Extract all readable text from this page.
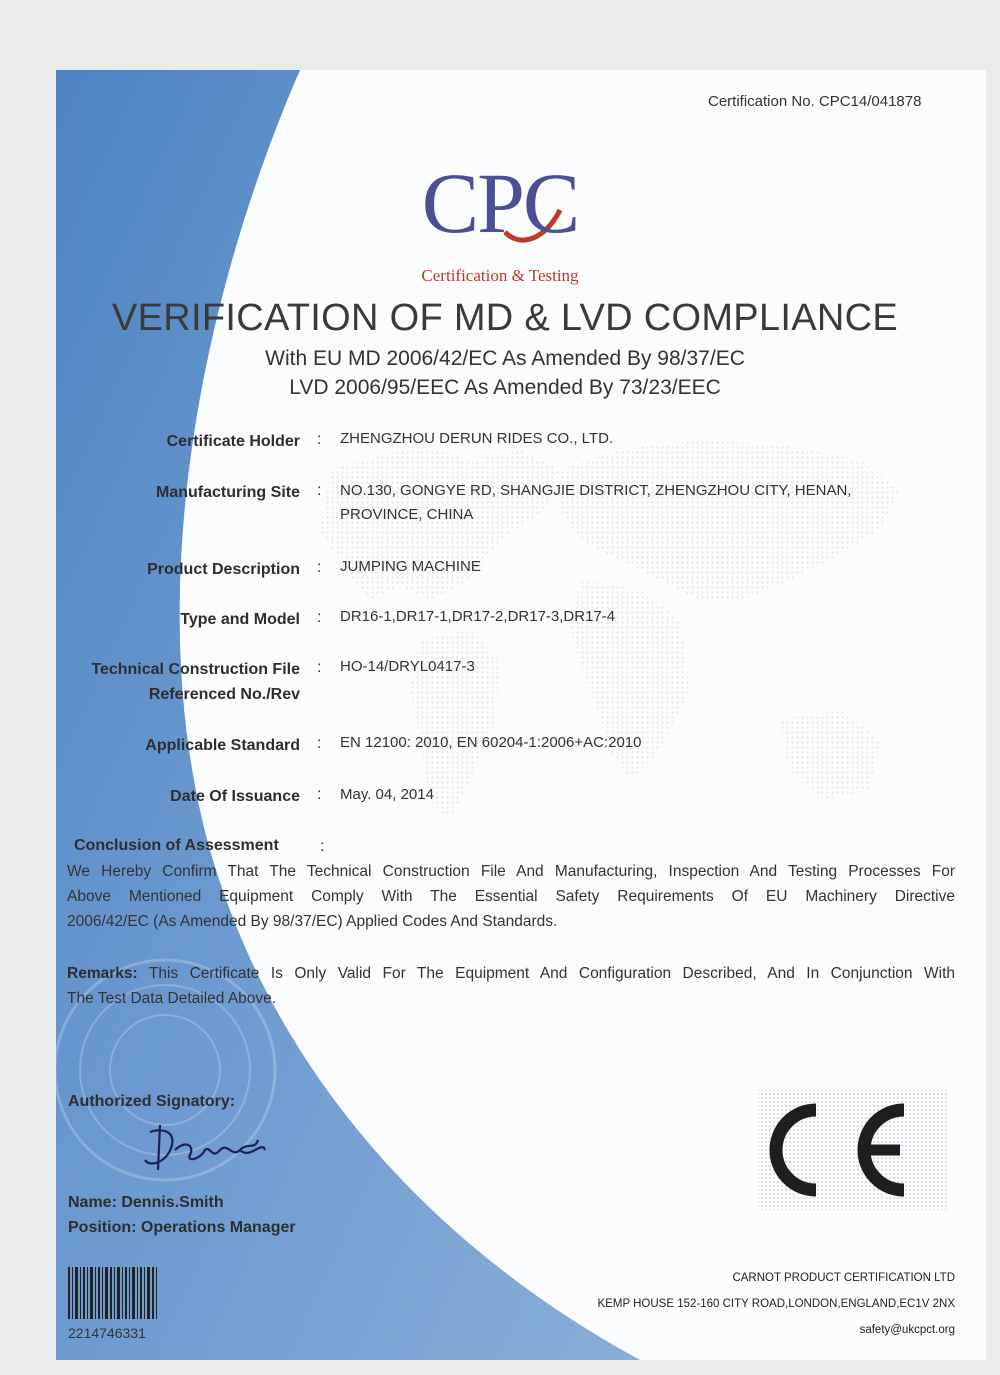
Certification No. CPC14/041878
CPC
Certification & Testing
VERIFICATION OF MD & LVD COMPLIANCE
With EU MD 2006/42/EC As Amended By 98/37/EC
LVD 2006/95/EEC As Amended By 73/23/EEC
Certificate Holder : ZHENGZHOU DERUN RIDES CO., LTD.
Manufacturing Site : NO.130, GONGYE RD, SHANGJIE DISTRICT, ZHENGZHOU CITY, HENAN,
PROVINCE, CHINA
Product Description : JUMPING MACHINE
Type and Model : DR16-1,DR17-1,DR17-2,DR17-3,DR17-4
Technical Construction File
Referenced No./Rev
: HO-14/DRYL0417-3
Applicable Standard : EN 12100: 2010, EN 60204-1:2006+AC:2010
Date Of Issuance : May. 04, 2014
Conclusion of Assessment	:
We Hereby Confirm That The Technical Construction File And Manufacturing, Inspection And Testing Processes For
Above Mentioned Equipment Comply With The Essential Safety Requirements Of EU Machinery Directive
2006/42/EC (As Amended By 98/37/EC) Applied Codes And Standards.
Remarks: This Certificate Is Only Valid For The Equipment And Configuration Described, And In Conjunction With
The Test Data Detailed Above.
Authorized Signatory:
Name: Dennis.Smith
Position: Operations Manager
2214746331
CARNOT PRODUCT CERTIFICATION LTD
KEMP HOUSE 152-160 CITY ROAD,LONDON,ENGLAND,EC1V 2NX
safety@ukcpct.org
